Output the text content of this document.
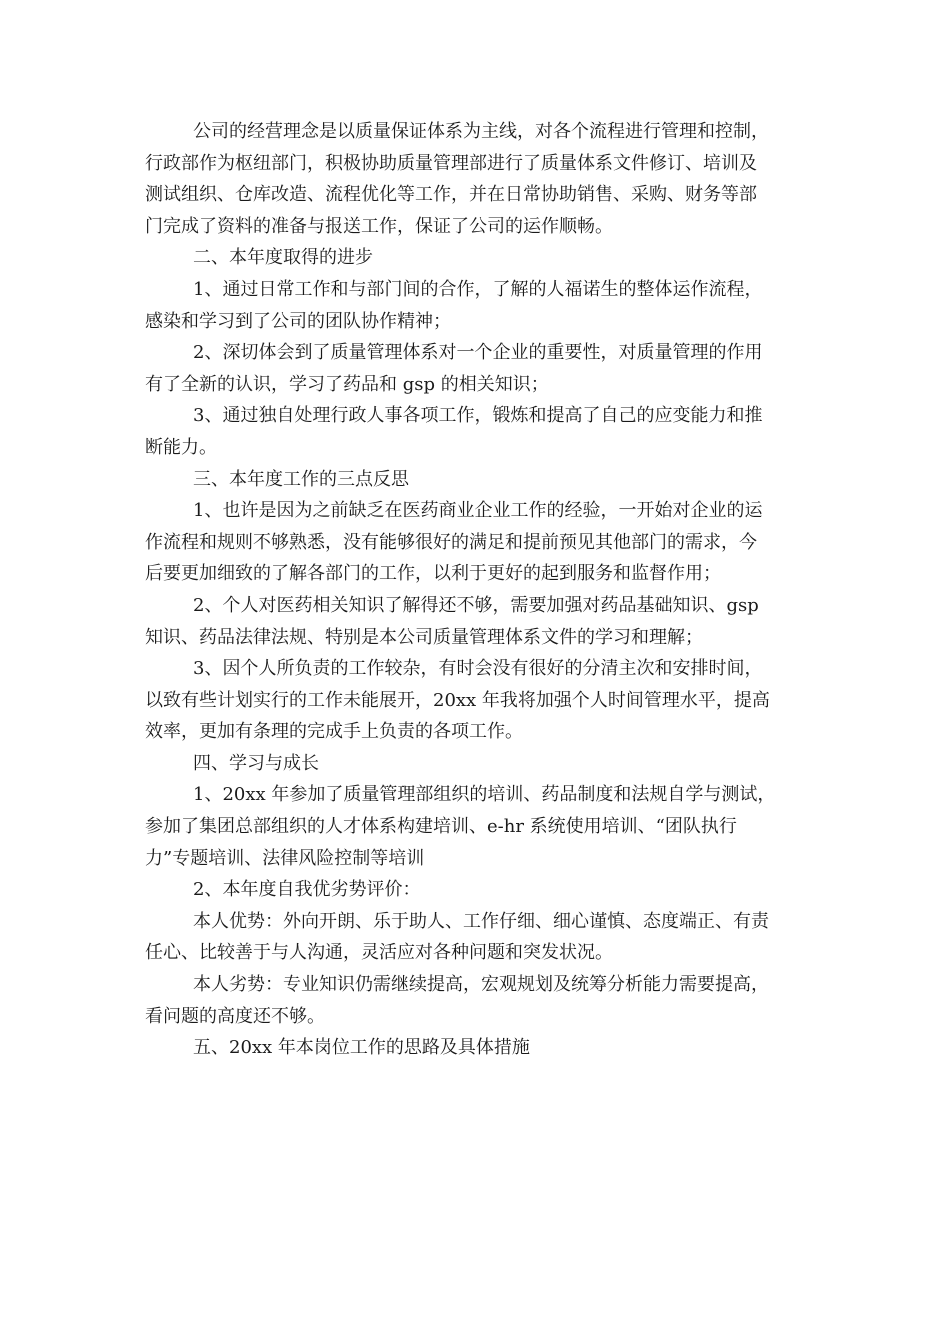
公司的经营理念是以质量保证体系为主线，对各个流程进行管理和控制，
行政部作为枢纽部门，积极协助质量管理部进行了质量体系文件修订、培训及
测试组织、仓库改造、流程优化等工作，并在日常协助销售、采购、财务等部
门完成了资料的准备与报送工作，保证了公司的运作顺畅。
二、本年度取得的进步
1、通过日常工作和与部门间的合作，了解的人福诺生的整体运作流程，
感染和学习到了公司的团队协作精神；
2、深切体会到了质量管理体系对一个企业的重要性，对质量管理的作用
有了全新的认识，学习了药品和 gsp 的相关知识；
3、通过独自处理行政人事各项工作，锻炼和提高了自己的应变能力和推
断能力。
三、本年度工作的三点反思
1、也许是因为之前缺乏在医药商业企业工作的经验，一开始对企业的运
作流程和规则不够熟悉，没有能够很好的满足和提前预见其他部门的需求，今
后要更加细致的了解各部门的工作，以利于更好的起到服务和监督作用；
2、个人对医药相关知识了解得还不够，需要加强对药品基础知识、gsp
知识、药品法律法规、特别是本公司质量管理体系文件的学习和理解；
3、因个人所负责的工作较杂，有时会没有很好的分清主次和安排时间，
以致有些计划实行的工作未能展开，20xx 年我将加强个人时间管理水平，提高
效率，更加有条理的完成手上负责的各项工作。
四、学习与成长
1、20xx 年参加了质量管理部组织的培训、药品制度和法规自学与测试，
参加了集团总部组织的人才体系构建培训、e-hr 系统使用培训、“团队执行
力”专题培训、法律风险控制等培训
2、本年度自我优劣势评价：
本人优势：外向开朗、乐于助人、工作仔细、细心谨慎、态度端正、有责
任心、比较善于与人沟通，灵活应对各种问题和突发状况。
本人劣势：专业知识仍需继续提高，宏观规划及统筹分析能力需要提高，
看问题的高度还不够。
五、20xx 年本岗位工作的思路及具体措施
